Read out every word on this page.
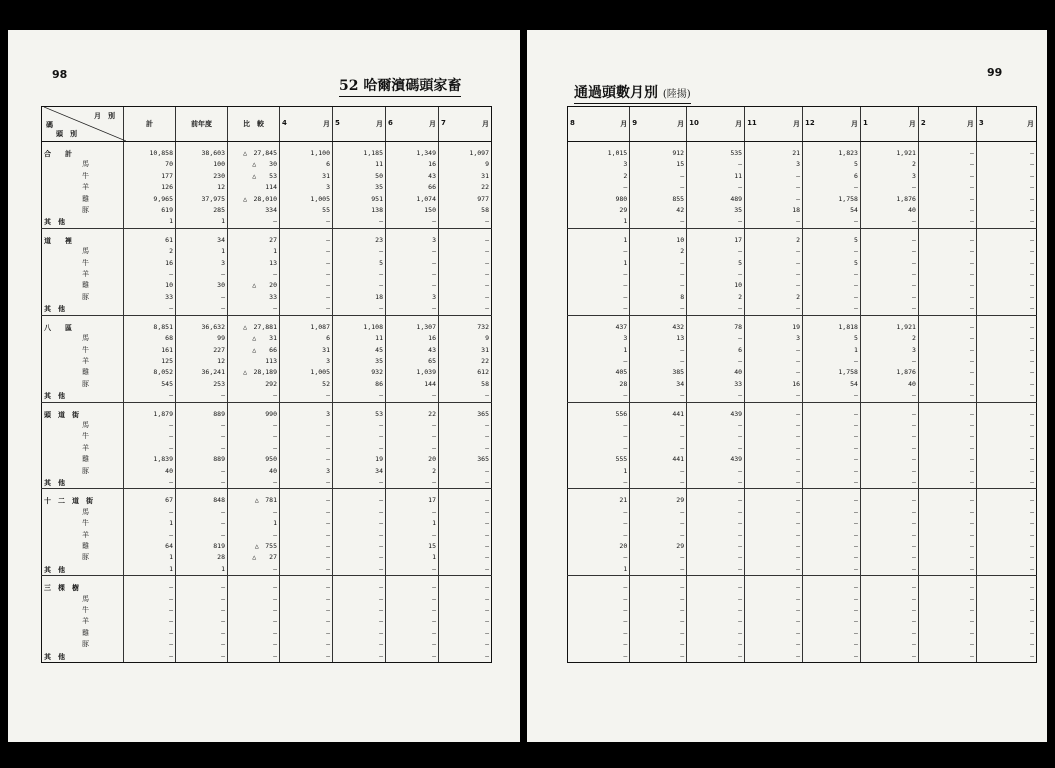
98
52 哈爾濱碼頭家畜
月　別
碼
頭　別	計	前年度	比　較	4 月	5 月	6 月	7 月

合　　計	10,858	38,603	△　27,845	1,100	1,185	1,349	1,097
馬	70	100	△　　30	6	11	16	9
牛	177	230	△　　53	31	50	43	31
羊	126	12	114	3	35	66	22
雞	9,965	37,975	△　28,010	1,005	951	1,074	977
豚	619	285	334	55	138	150	58
其　他	1	1	—	—	—	—	—
道　　裡	61	34	27	—	23	3	—
馬	2	1	1	—	—	—	—
牛	16	3	13	—	5	—	—
羊	—	—	—	—	—	—	—
雞	10	30	△　　20	—	—	—	—
豚	33	—	33	—	18	3	—
其　他	—	—	—	—	—	—	—
八　　區	8,851	36,632	△　27,881	1,087	1,108	1,307	732
馬	68	99	△　　31	6	11	16	9
牛	161	227	△　　66	31	45	43	31
羊	125	12	113	3	35	65	22
雞	8,052	36,241	△　28,189	1,005	932	1,039	612
豚	545	253	292	52	86	144	58
其　他	—	—	—	—	—	—	—
頭　道　街	1,879	889	990	3	53	22	365
馬	—	—	—	—	—	—	—
牛	—	—	—	—	—	—	—
羊	—	—	—	—	—	—	—
雞	1,839	889	950	—	19	20	365
豚	40	—	40	3	34	2	—
其　他	—	—	—	—	—	—	—
十　二　道　街	67	848	△　781	—	—	17	—
馬	—	—	—	—	—	—	—
牛	1	—	1	—	—	1	—
羊	—	—	—	—	—	—	—
雞	64	819	△　755	—	—	15	—
豚	1	28	△　　27	—	—	1	—
其　他	1	1	—	—	—	—	—
三　棵　樹	—	—	—	—	—	—	—
馬	—	—	—	—	—	—	—
牛	—	—	—	—	—	—	—
羊	—	—	—	—	—	—	—
雞	—	—	—	—	—	—	—
豚	—	—	—	—	—	—	—
其　他	—	—	—	—	—	—	—
99
通過頭數月別 (陸揚)
8 月	9 月	10 月	11 月	12 月	1 月	2 月	3 月

1,015	912	535	21	1,823	1,921	—	—
3	15	—	3	5	2	—	—
2	—	11	—	6	3	—	—
—	—	—	—	—	—	—	—
980	855	489	—	1,758	1,876	—	—
29	42	35	18	54	40	—	—
1	—	—	—	—	—	—	—
1	10	17	2	5	—	—	—
—	2	—	—	—	—	—	—
1	—	5	—	5	—	—	—
—	—	—	—	—	—	—	—
—	—	10	—	—	—	—	—
—	8	2	2	—	—	—	—
—	—	—	—	—	—	—	—
437	432	78	19	1,818	1,921	—	—
3	13	—	3	5	2	—	—
1	—	6	—	1	3	—	—
—	—	—	—	—	—	—	—
405	385	40	—	1,758	1,876	—	—
28	34	33	16	54	40	—	—
—	—	—	—	—	—	—	—
556	441	439	—	—	—	—	—
—	—	—	—	—	—	—	—
—	—	—	—	—	—	—	—
—	—	—	—	—	—	—	—
555	441	439	—	—	—	—	—
1	—	—	—	—	—	—	—
—	—	—	—	—	—	—	—
21	29	—	—	—	—	—	—
—	—	—	—	—	—	—	—
—	—	—	—	—	—	—	—
—	—	—	—	—	—	—	—
20	29	—	—	—	—	—	—
—	—	—	—	—	—	—	—
1	—	—	—	—	—	—	—
—	—	—	—	—	—	—	—
—	—	—	—	—	—	—	—
—	—	—	—	—	—	—	—
—	—	—	—	—	—	—	—
—	—	—	—	—	—	—	—
—	—	—	—	—	—	—	—
—	—	—	—	—	—	—	—
